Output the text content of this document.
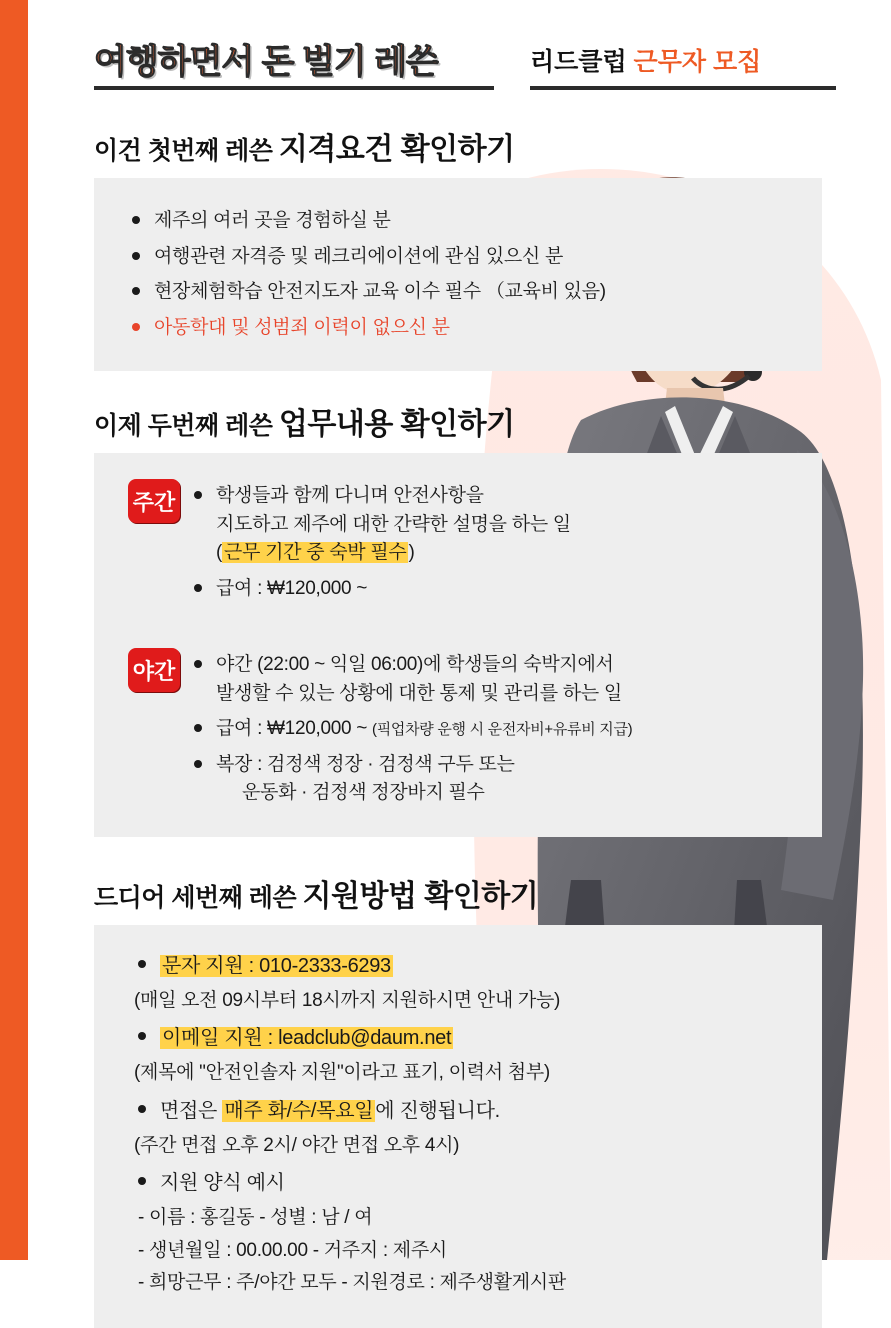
여행하면서 돈 벌기 레쓴	리드클럽 근무자 모집
이건 첫번째 레쓴 지격요건 확인하기
제주의 여러 곳을 경험하실 분
여행관련 자격증 및 레크리에이션에 관심 있으신 분
현장체험학습 안전지도자 교육 이수 필수 （교육비 있음)
아동학대 및 성범죄 이력이 없으신 분
이제 두번째 레쓴 업무내용 확인하기
주간	학생들과 함께 다니며 안전사항을
지도하고 제주에 대한 간략한 설명을 하는 일
( 근무 기간 중 숙박 필수 )
급여 : ₩120,000 ~
야간	야간 (22:00 ~ 익일 06:00)에 학생들의 숙박지에서
발생할 수 있는 상황에 대한 통제 및 관리를 하는 일
급여 : ₩120,000 ~ (픽업차량 운행 시 운전자비+유류비 지급)
복장 : 검정색 정장 · 검정색 구두 또는
운동화 · 검정색 정장바지 필수
드디어 세번째 레쓴 지원방법 확인하기
문자 지원 : 010-2333-6293
(매일 오전 09시부터 18시까지 지원하시면 안내 가능)
이메일 지원 : leadclub@daum.net
(제목에 "안전인솔자 지원"이라고 표기, 이력서 첨부)
면접은 매주 화/수/목요일 에 진행됩니다.
(주간 면접 오후 2시/ 야간 면접 오후 4시)
지원 양식 예시
- 이름 : 홍길동 - 성별 : 남 / 여
- 생년월일 : 00.00.00 - 거주지 : 제주시
- 희망근무 : 주/야간 모두 - 지원경로 : 제주생활게시판
